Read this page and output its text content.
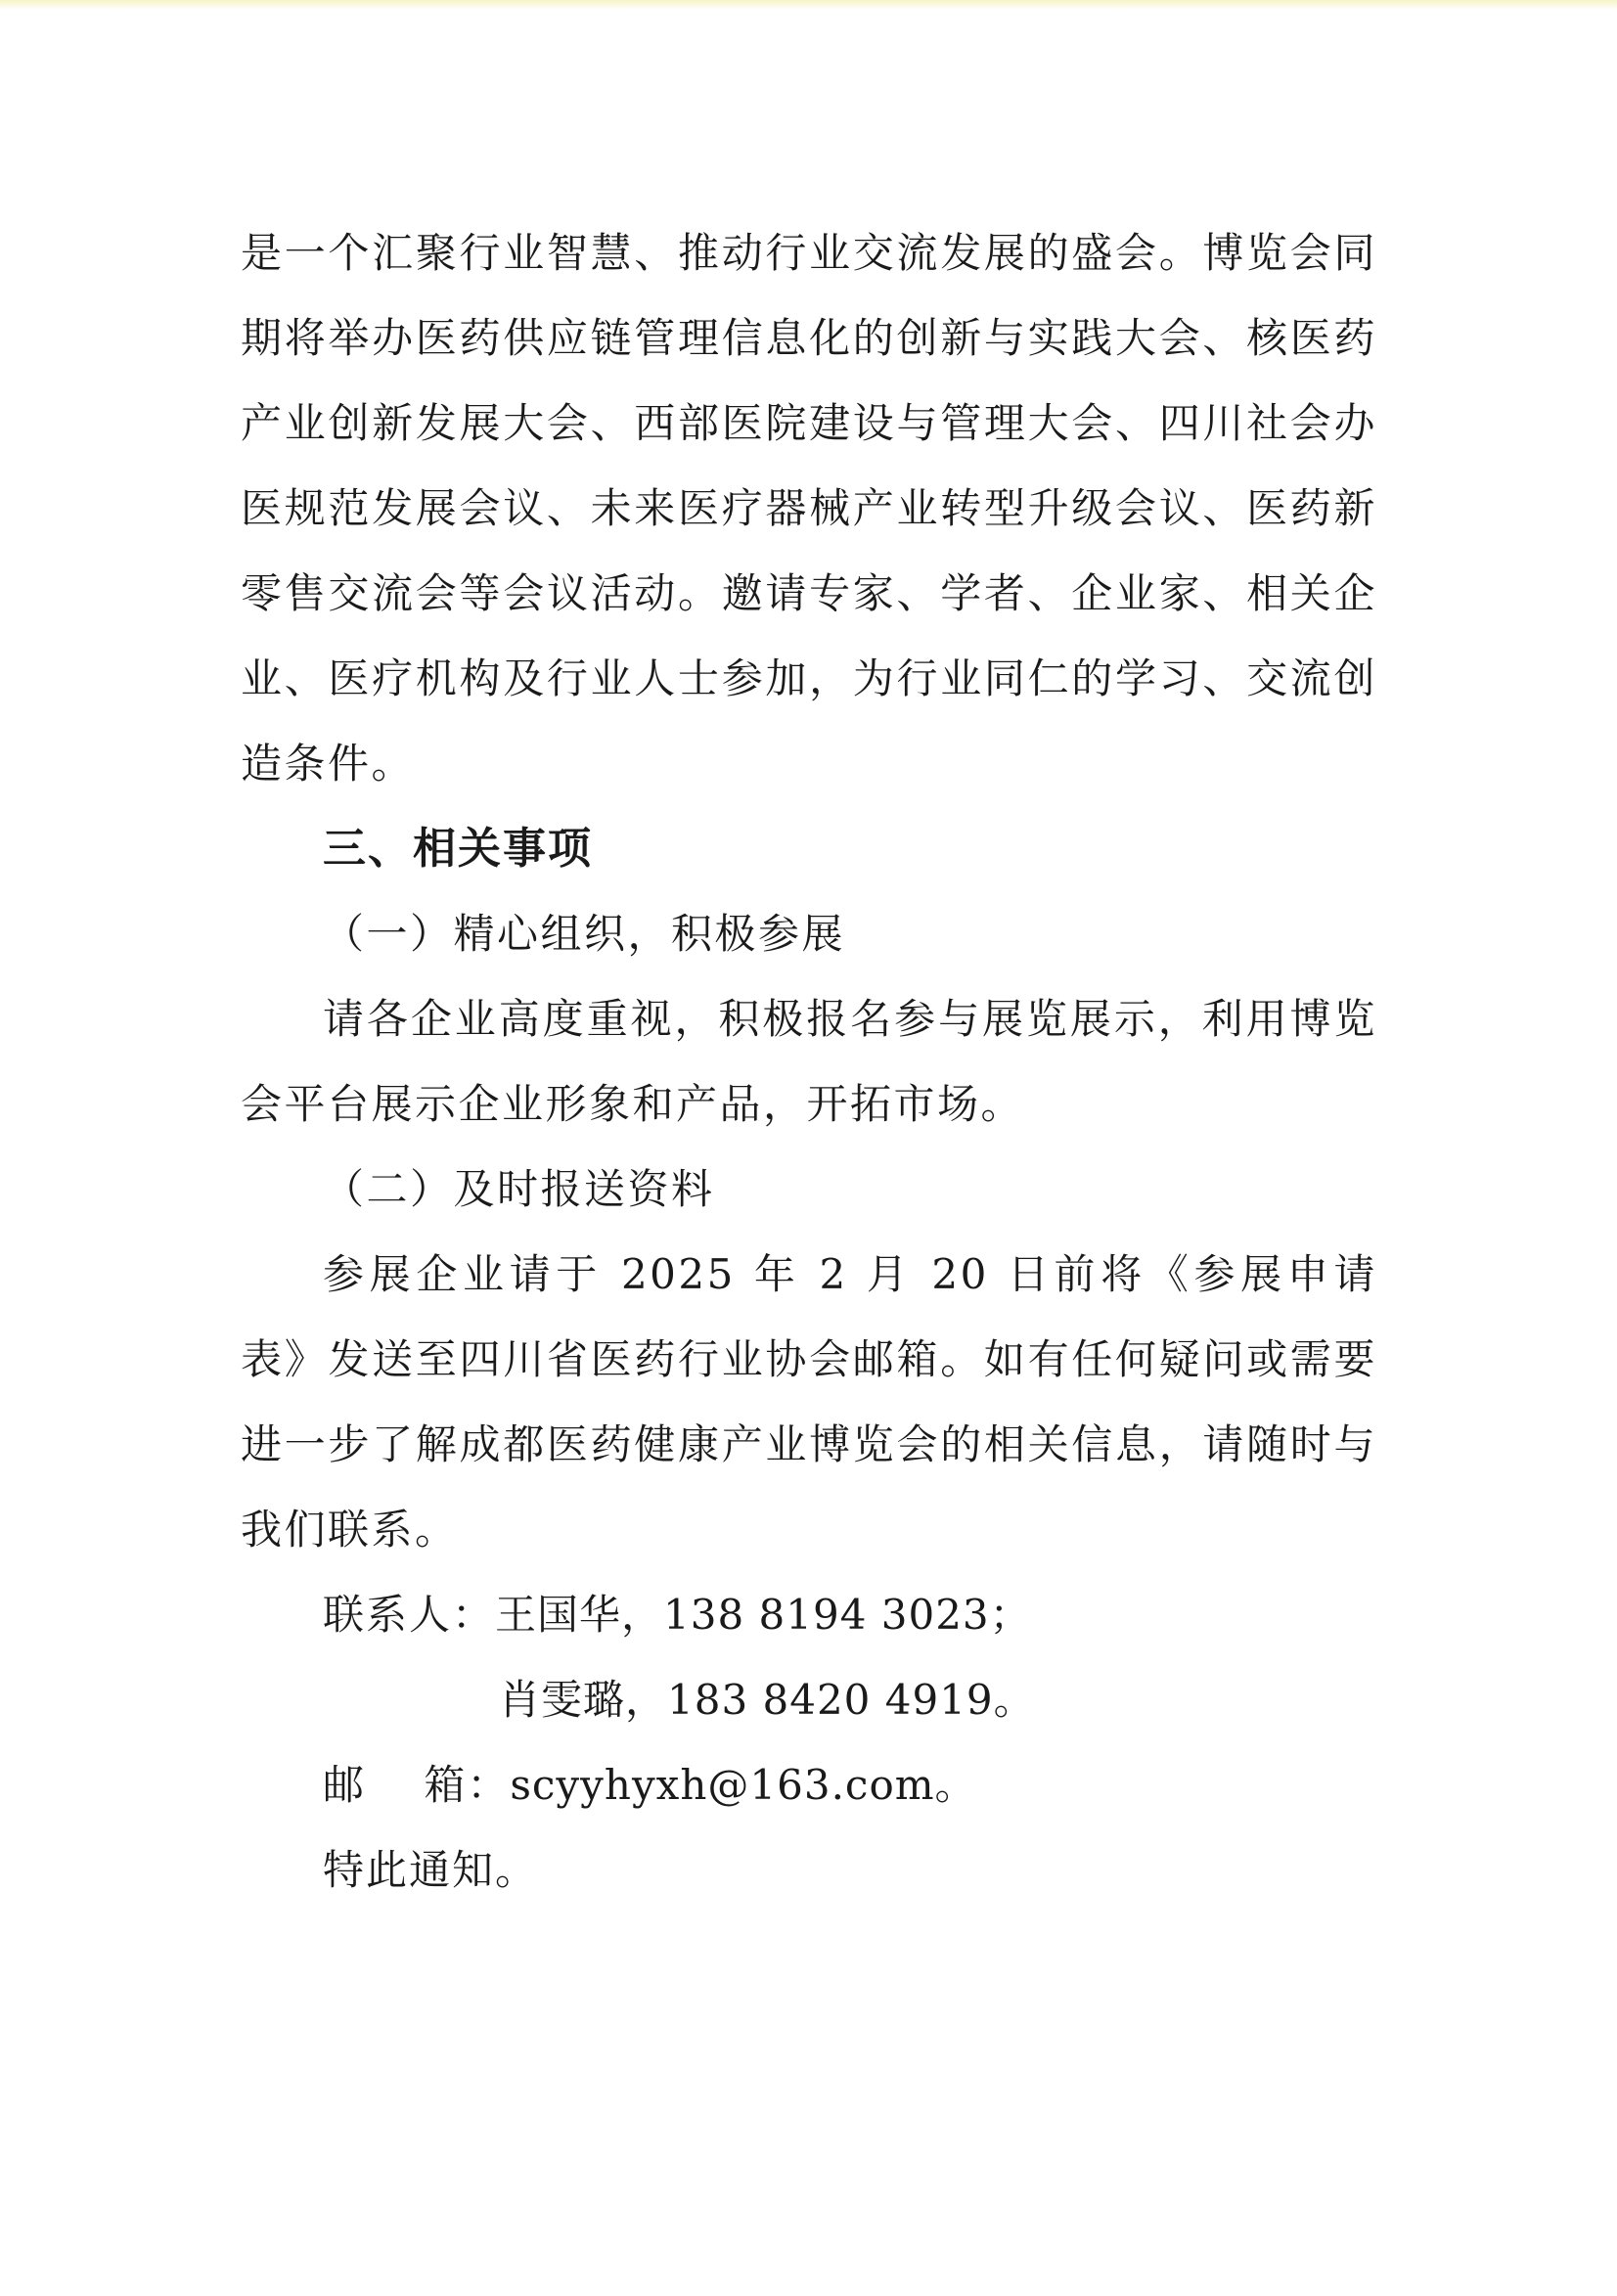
是一个汇聚行业智慧、推动行业交流发展的盛会。博览会同期将举办医药供应链管理信息化的创新与实践大会、核医药产业创新发展大会、西部医院建设与管理大会、四川社会办医规范发展会议、未来医疗器械产业转型升级会议、医药新零售交流会等会议活动。邀请专家、学者、企业家、相关企业、医疗机构及行业人士参加，为行业同仁的学习、交流创造条件。

三、相关事项

（一）精心组织，积极参展

请各企业高度重视，积极报名参与展览展示，利用博览会平台展示企业形象和产品，开拓市场。

（二）及时报送资料

参展企业请于 2025 年 2 月 20 日前将《参展申请表》发送至四川省医药行业协会邮箱。如有任何疑问或需要进一步了解成都医药健康产业博览会的相关信息，请随时与我们联系。

联系人：王国华，138 8194 3023；

肖雯璐，183 8420 4919。

邮　 箱：scyyhyxh@163.com。

特此通知。
